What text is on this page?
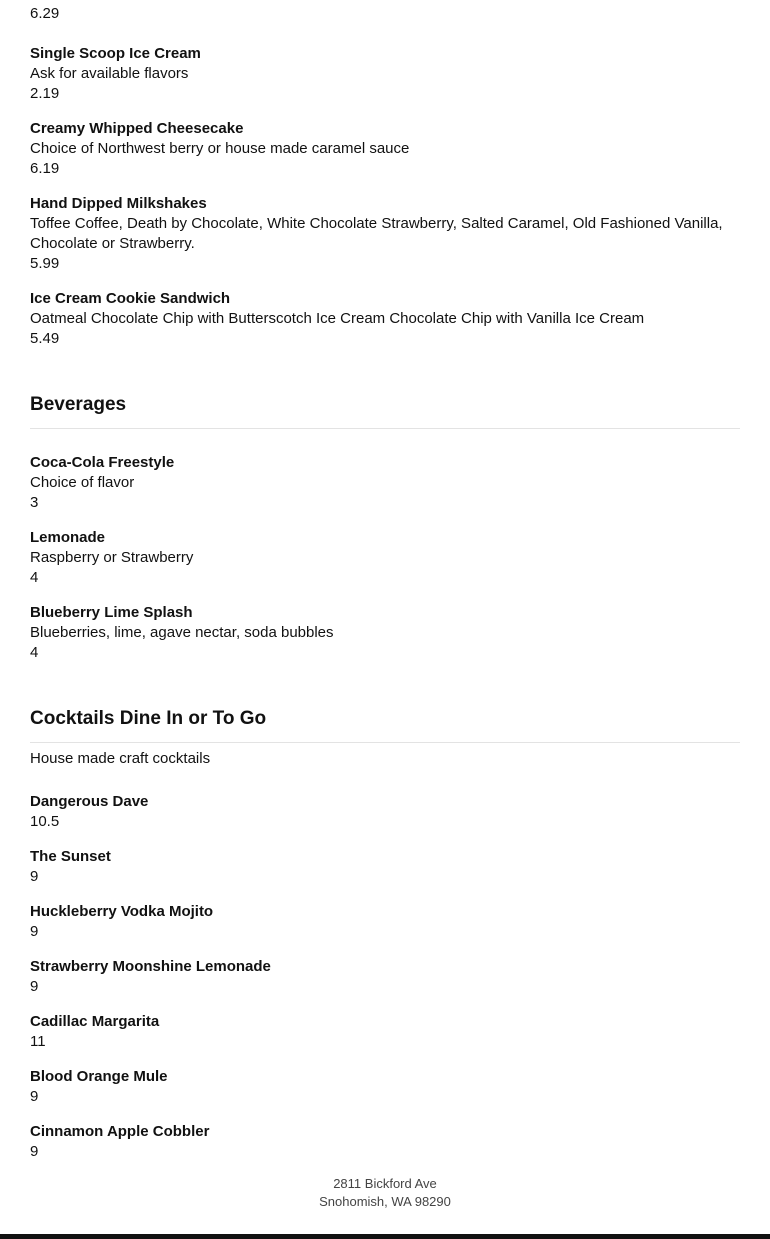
6.29
Single Scoop Ice Cream
Ask for available flavors
2.19
Creamy Whipped Cheesecake
Choice of Northwest berry or house made caramel sauce
6.19
Hand Dipped Milkshakes
Toffee Coffee, Death by Chocolate, White Chocolate Strawberry, Salted Caramel, Old Fashioned Vanilla, Chocolate or Strawberry.
5.99
Ice Cream Cookie Sandwich
Oatmeal Chocolate Chip with Butterscotch Ice Cream Chocolate Chip with Vanilla Ice Cream
5.49
Beverages
Coca-Cola Freestyle
Choice of flavor
3
Lemonade
Raspberry or Strawberry
4
Blueberry Lime Splash
Blueberries, lime, agave nectar, soda bubbles
4
Cocktails Dine In or To Go
House made craft cocktails
Dangerous Dave
10.5
The Sunset
9
Huckleberry Vodka Mojito
9
Strawberry Moonshine Lemonade
9
Cadillac Margarita
11
Blood Orange Mule
9
Cinnamon Apple Cobbler
9
2811 Bickford Ave
Snohomish, WA 98290
